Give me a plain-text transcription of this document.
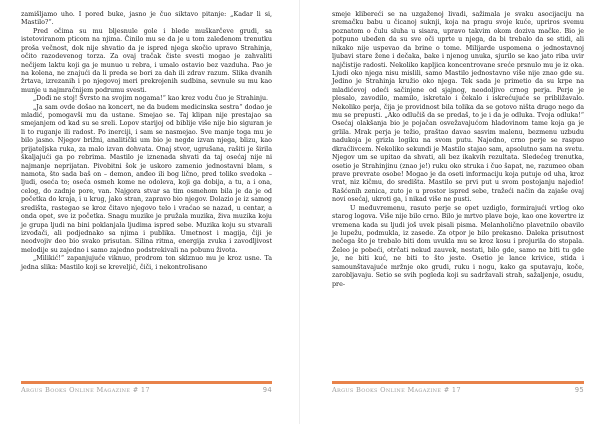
zamišljamo uho. I pored buke, jasno je čuo siktavo pitanje: „Kadar li si, Mastilo?“.

Pred očima su mu bljesnule gole i blede muškarčeve grudi, sa istetoviranom pticom na njima. Činilo mu se da je u tom zaleđenom trenutku proša večnost, dok nije shvatio da je ispred njega skočio upravo Strahinja, očito razodevenog torza. Za ovaj tračak čiste svesti mogao je zahvaliti nečijem laktu koji ga je munuo u rebra, i umalo ostavio bez vazduha. Pao je na kolena, ne znajući da li preda se bori za dah ili zdrav razum. Slika dvanih žrtava, izrezanih i po njegovoj meri prekrojenih sudbina, sevnule su mu kao munje u najmračnijem podrumu svesti.

„Dođi ne stoj! Švrsto na svojim nogama!“ kao krez vodu čuo je Strahinju.

„Ja sam ovde došao na koncert, ne da budem medicinska sestra“ dodao je mladić, pomogavši mu da ustane. Smejao se. Taj klipan nije prestajao sa smejanjem od kad su se sreli. Lopov starijoj od biblije više nije bio siguran je li to ruganje ili radost. Po inerciji, i sam se nasmejao. Sve manje toga mu je bilo jasno. Njegov brižni, analitički um bio je negde izvan njega, blizu, kao prijateljska ruka, za malo izvan dohvata. Onaj stvor, ugrušana, rašiti je širila škaljajući ga po rebrima. Mastilo je iznenada shvati da taj osećaj nije ni najmanje neprijatan. Pivobitni šok je uskoro zamenio jednostavni blam, s namota, što sada baš on – demon, anđeo ili bog lično, pred toliko svedoka – ljudi, oseća to; oseća osmeh kome ne odoleva, koji ga dobija, a tu, a i ona, celog, do zadnje pore, van. Najgora stvar sa tim osmehom bila je da je od početka do kraja, i u krug, jako stran, zapravo bio njegov. Dolazio je iz samog središta, rastegao se kroz čitavo njegovo telo i vraćao se nazad, u centar, a onda opet, sve iz početka. Snagu muzike je pružala muzika, živa muzika koju je grupa ljudi na bini poklanjala ljudima ispred sebe. Muzika koju su stvarali izvođači, ali podjednako sa njima i publika. Umetnost i magija, čiji je neodvojiv deo bio svako prisutan. Silina ritma, energija zvuka i zavodljivost melodije su zajedno i samo zajedno podstrekivali na pobunu života.

„Milikić!“ zapanjujuće viknuo, prodrom ton sklznuo mu je kroz usne. Ta jedna slika: Mastilo koji se kreveljić, čiči, i nekontrolisano

Argus Books Online Magazine # 17	94

smeje klibereći se na uzgaženoj livadi, sažimala je svaku asocijaciju na sremačku babu u čicanoj suknji, koja na pragu svoje kuće, upriros svemu poznatom o čulu sluha u sisara, upravo takvim okom doziva mačke. Bio je potpuno ubeđen da su sve oči uprte u njega, da bi trebalo da se stidi, ali nikako nije uspevao da brine o tome. Milijarde uspomena o jednostavnoj ljubavi stare žene i dečaka, bake i njenog unuka, sjurilo se kao jato riba uvir najčistije radosti. Nekoliko kapljica koncentrovane sreće prsnulo mu je iz oka. Ljudi oko njega nisu mislili, samo Mastilo jednostavno više nije znao gde su. Jedino je Strahinja kružio oko njega. Tek sada je primetio da su krpe na mladićevoj odeći sačinjene od sjajnog, neodoljivo crnog perja. Perje je plesalo, zavodilo, mamilo, iskretalo i čekalo i iskrećujuće se približavalo. Nekoliko perja, čija je providnost bila tolika da se gotovo ništa drugo nego da mu se prepusti. „Ako odlučiš da se predaš, to je i da je odluka. Tvoja odluka!“ Osećaj olakšanja bio je pojačan osvežavajućom hladovinom tame koja ga je grlila. Mrak perja je težio, praštao davao sasvim malenu, bezmenu uzbudu nadukoja je grizla logiku na svom putu. Najedno, crno perje se raspuo dkraćlivcem. Nekoliko sekundi je Mastilo stajao sam, apsolutno sam na svetu. Njegov um se upitao da shvati, ali bez ikakvih rezultata. Sledećeg trenutka, osetio je Strahinjinu (znao je!) ruku oko struka i čuo šapat, ne, razumeo oban prave prevrate osobe! Mogao je da oseti informaciju koja putuje od uha, kroz vrat, niz kičmu, do središta. Mastilo se prvi put u svom postojanju najedio! Rašćenih zenica, zuto je u prostor ispred sebe, tražeći način da zajaše ovaj novi osećaj, ukroti ga, i nikad više ne pusti.

U međuvremenu, rasuto perje se opet uzdiglo, formirajući vrtlog oko starog logova. Više nije bilo crno. Bilo je mrtvo plave boje, kao one kovertre iz vremena kada su ljudi još uvek pisali pisma. Melanholično plavetnilo obavilo je lupežu, podmukla, iz zasede. Za otpor je bilo prekasno. Daleka prisutnost nečega što je trebalo biti dom uvukla mu se kroz kosu i projurila do stopala. Želeo je pobeći, otrčati nekud zauvek, nestati, bilo gde, samo ne biti tu gde je, ne biti kuć, ne biti to što jeste. Osetio je lance krivice, stida i samounštavajuće mržnje oko grudi, ruku i nogu, kako ga sputavaju, koče, zarobljavaju. Setio se svih pogleda koji su sadržavali strah, sažaljenje, osudu, pre-

Argus Books Online Magazine # 17	95
